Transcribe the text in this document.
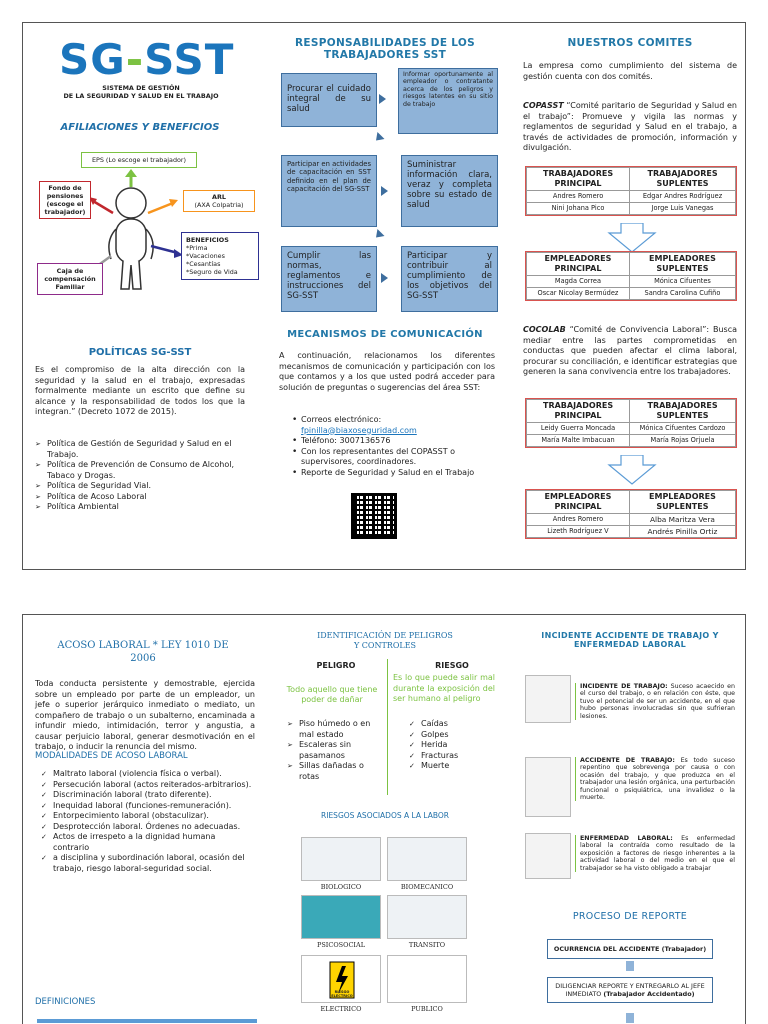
SG-SST
SISTEMA DE GESTIÓN
DE LA SEGURIDAD Y SALUD EN EL TRABAJO
AFILIACIONES Y BENEFICIOS
EPS (Lo escoge el trabajador)
Fondo de pensiones (escoge el trabajador)
ARL
(AXA Colpatria)
BENEFICIOS
*Prima
*Vacaciones
*Cesantías
*Seguro de Vida
Caja de compensación Familiar
POLÍTICAS SG-SST
Es el compromiso de la alta dirección con la seguridad y la salud en el trabajo, expresadas formalmente mediante un escrito que define su alcance y la responsabilidad de todos los que la integran.” (Decreto 1072 de 2015).
➢ Política de Gestión de Seguridad y Salud en el Trabajo.
➢ Política de Prevención de Consumo de Alcohol, Tabaco y Drogas.
➢ Política de Seguridad Vial.
➢ Política de Acoso Laboral
➢ Política Ambiental
RESPONSABILIDADES DE LOS
TRABAJADORES SST
Procurar el cuidado integral de su salud
Informar oportunamente al empleador o contratante acerca de los peligros y riesgos latentes en su sitio de trabajo
Participar en actividades de capacitación en SST definido en el plan de capacitación del SG-SST
Suministrar información clara, veraz y completa sobre su estado de salud
Cumplir las normas, reglamentos e instrucciones del SG-SST
Participar y contribuir al cumplimiento de los objetivos del SG-SST
MECANISMOS DE COMUNICACIÓN
A continuación, relacionamos los diferentes mecanismos de comunicación y participación con los que contamos y a los que usted podrá acceder para solución de preguntas o sugerencias del área SST:
• Correos electrónico:
fpinilla@biaxoseguridad.com
• Teléfono: 3007136576
• Con los representantes del COPASST o supervisores, coordinadores.
• Reporte de Seguridad y Salud en el Trabajo
NUESTROS COMITES
La empresa como cumplimiento del sistema de gestión cuenta con dos comités.
COPASST “Comité paritario de Seguridad y Salud en el trabajo”: Promueve y vigila las normas y reglamentos de seguridad y Salud en el trabajo, a través de actividades de promoción, información y divulgación.
TRABAJADORES PRINCIPAL	TRABAJADORES SUPLENTES
Andres Romero	Edgar Andres Rodríguez
Nini Johana Pico	Jorge Luis Vanegas
EMPLEADORES PRINCIPAL	EMPLEADORES SUPLENTES
Magda Correa	Mónica Cifuentes
Oscar Nicolay Bermúdez	Sandra Carolina Cufiño
COCOLAB “Comité de Convivencia Laboral”: Busca mediar entre las partes comprometidas en conductas que pueden afectar el clima laboral, procurar su conciliación, e identificar estrategias que generen la sana convivencia entre los trabajadores.
TRABAJADORES PRINCIPAL	TRABAJADORES SUPLENTES
Leidy Guerra Moncada	Mónica Cifuentes Cardozo
María Malte Imbacuan	María Rojas Orjuela
EMPLEADORES PRINCIPAL	EMPLEADORES SUPLENTES
Andres Romero	Alba Maritza Vera
Lizeth Rodríguez V	Andrés Pinilla Ortiz
ACOSO LABORAL * LEY 1010 DE 2006
Toda conducta persistente y demostrable, ejercida sobre un empleado por parte de un empleador, un jefe o superior jerárquico inmediato o mediato, un compañero de trabajo o un subalterno, encaminada a infundir miedo, intimidación, terror y angustia, a causar perjuicio laboral, generar desmotivación en el trabajo, o inducir la renuncia del mismo.
MODALIDADES DE ACOSO LABORAL
✓ Maltrato laboral (violencia física o verbal).
✓ Persecución laboral (actos reiterados-arbitrarios).
✓ Discriminación laboral (trato diferente).
✓ Inequidad laboral (funciones-remuneración).
✓ Entorpecimiento laboral (obstaculizar).
✓ Desprotección laboral. Órdenes no adecuadas.
✓ Actos de irrespeto a la dignidad humana contrario
✓ a disciplina y subordinación laboral, ocasión del trabajo, riesgo laboral-seguridad social.
DEFINICIONES
IDENTIFICACIÓN DE PELIGROS
Y CONTROLES
PELIGRO	RIESGO
Todo aquello que tiene poder de dañar
Es lo que puede salir mal durante la exposición del ser humano al peligro
➢ Piso húmedo o en mal estado
➢ Escaleras sin pasamanos
➢ Sillas dañadas o rotas
✓ Caídas
✓ Golpes
✓ Herida
✓ Fracturas
✓ Muerte
RIESGOS ASOCIADOS A LA LABOR
BIOLOGICO	BIOMECANICO
PSICOSOCIAL	TRANSITO
RIESGO ELECTRICO
ELECTRICO	PUBLICO
INCIDENTE ACCIDENTE DE TRABAJO Y
ENFERMEDAD LABORAL
INCIDENTE DE TRABAJO: Suceso acaecido en el curso del trabajo, o en relación con éste, que tuvo el potencial de ser un accidente, en el que hubo personas involucradas sin que sufrieran lesiones.
ACCIDENTE DE TRABAJO: Es todo suceso repentino que sobrevenga por causa o con ocasión del trabajo, y que produzca en el trabajador una lesión orgánica, una perturbación funcional o psiquiátrica, una invalidez o la muerte.
ENFERMEDAD LABORAL: Es enfermedad laboral la contraída como resultado de la exposición a factores de riesgo inherentes a la actividad laboral o del medio en el que el trabajador se ha visto obligado a trabajar
PROCESO DE REPORTE
OCURRENCIA DEL ACCIDENTE (Trabajador)
DILIGENCIAR REPORTE Y ENTREGARLO AL JEFE INMEDIATO (Trabajador Accidentado)
